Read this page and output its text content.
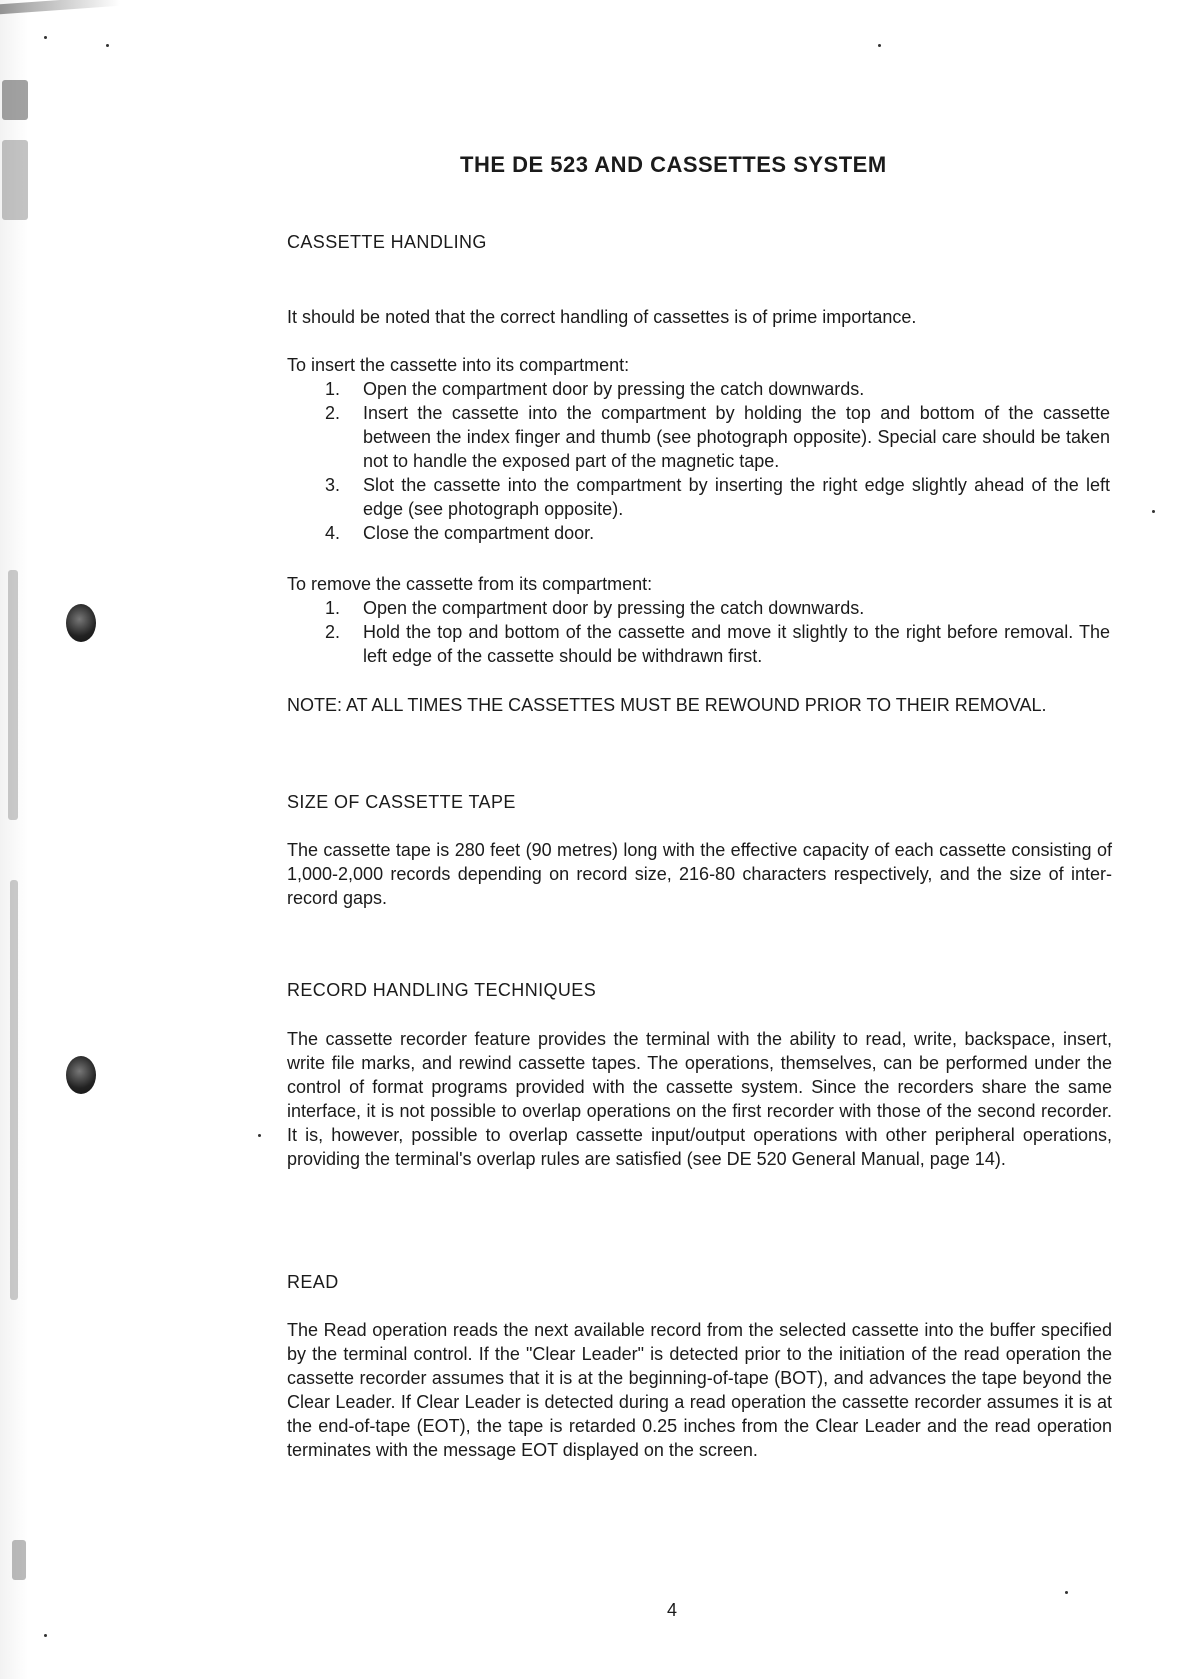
THE DE 523 AND CASSETTES SYSTEM
CASSETTE HANDLING

It should be noted that the correct handling of cassettes is of prime importance.

To insert the cassette into its compartment:

1.	Open the compartment door by pressing the catch downwards.
2.	Insert the cassette into the compartment by holding the top and bottom of the cassette between the index finger and thumb (see photograph opposite). Special care should be taken not to handle the exposed part of the magnetic tape.
3.	Slot the cassette into the compartment by inserting the right edge slightly ahead of the left edge (see photograph opposite).
4.	Close the compartment door.

To remove the cassette from its compartment:

1.	Open the compartment door by pressing the catch downwards.
2.	Hold the top and bottom of the cassette and move it slightly to the right before removal. The left edge of the cassette should be withdrawn first.

NOTE: AT ALL TIMES THE CASSETTES MUST BE REWOUND PRIOR TO THEIR REMOVAL.

SIZE OF CASSETTE TAPE

The cassette tape is 280 feet (90 metres) long with the effective capacity of each cassette consisting of 1,000-2,000 records depending on record size, 216-80 characters respectively, and the size of inter-record gaps.

RECORD HANDLING TECHNIQUES

The cassette recorder feature provides the terminal with the ability to read, write, backspace, insert, write file marks, and rewind cassette tapes. The operations, themselves, can be performed under the control of format programs provided with the cassette system. Since the recorders share the same interface, it is not possible to overlap operations on the first recorder with those of the second recorder. It is, however, possible to overlap cassette input/output operations with other peripheral operations, providing the terminal's overlap rules are satisfied (see DE 520 General Manual, page 14).

READ

The Read operation reads the next available record from the selected cassette into the buffer specified by the terminal control. If the "Clear Leader" is detected prior to the initiation of the read operation the cassette recorder assumes that it is at the beginning-of-tape (BOT), and advances the tape beyond the Clear Leader. If Clear Leader is detected during a read operation the cassette recorder assumes it is at the end-of-tape (EOT), the tape is retarded 0.25 inches from the Clear Leader and the read operation terminates with the message EOT displayed on the screen.

4
